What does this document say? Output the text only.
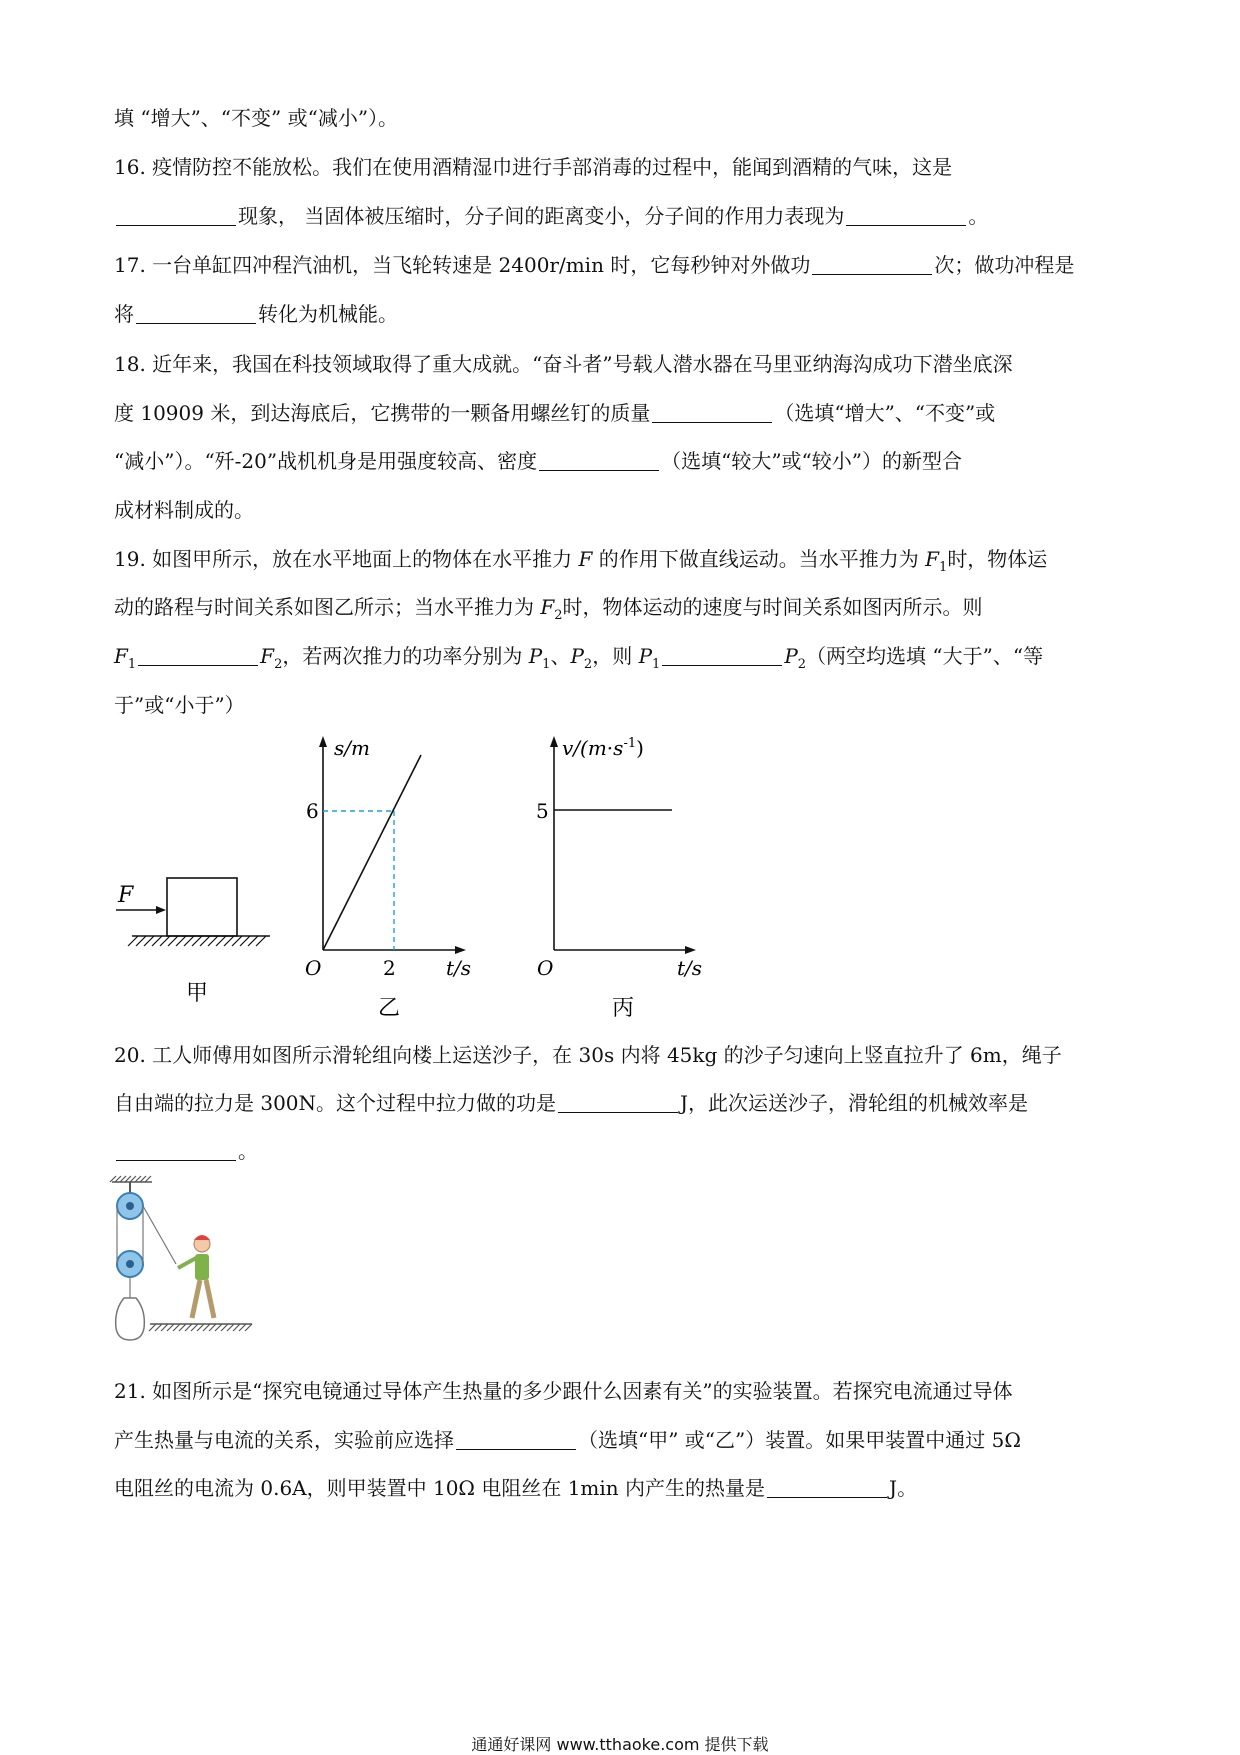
填 “增大”、“不变” 或“减小”）。
16. 疫情防控不能放松。我们在使用酒精湿巾进行手部消毒的过程中，能闻到酒精的气味，这是
现象， 当固体被压缩时，分子间的距离变小，分子间的作用力表现为	。
17. 一台单缸四冲程汽油机，当飞轮转速是 2400r/min 时，它每秒钟对外做功	次；做功冲程是
将	转化为机械能。
18. 近年来，我国在科技领域取得了重大成就。“奋斗者”号载人潜水器在马里亚纳海沟成功下潜坐底深
度 10909 米，到达海底后，它携带的一颗备用螺丝钉的质量	（选填“增大”、“不变”或
“减小”）。“歼-20”战机机身是用强度较高、密度	（选填“较大”或“较小”）的新型合
成材料制成的。
19. 如图甲所示，放在水平地面上的物体在水平推力 F 的作用下做直线运动。当水平推力为 $F_1$时，物体运
动的路程与时间关系如图乙所示；当水平推力为 $F_2$时，物体运动的速度与时间关系如图丙所示。则
$F_1$	$F_2$，若两次推力的功率分别为 $P_1$、$P_2$，则 $P_1$	$P_2$（两空均选填 “大于”、“等
于”或“小于”）
F
甲
s/m
t/s
O
6
2
乙
$v/(m\cdot s^{-1})$
t/s
O
5
丙
20. 工人师傅用如图所示滑轮组向楼上运送沙子，在 30s 内将 45kg 的沙子匀速向上竖直拉升了 6m，绳子
自由端的拉力是 300N。这个过程中拉力做的功是	J，此次运送沙子，滑轮组的机械效率是
。
21. 如图所示是“探究电镜通过导体产生热量的多少跟什么因素有关”的实验装置。若探究电流通过导体
产生热量与电流的关系，实验前应选择	（选填“甲” 或“乙”）装置。如果甲装置中通过 5Ω
电阻丝的电流为 0.6A，则甲装置中 10Ω 电阻丝在 1min 内产生的热量是	J。
通通好课网 www.tthaoke.com 提供下载
